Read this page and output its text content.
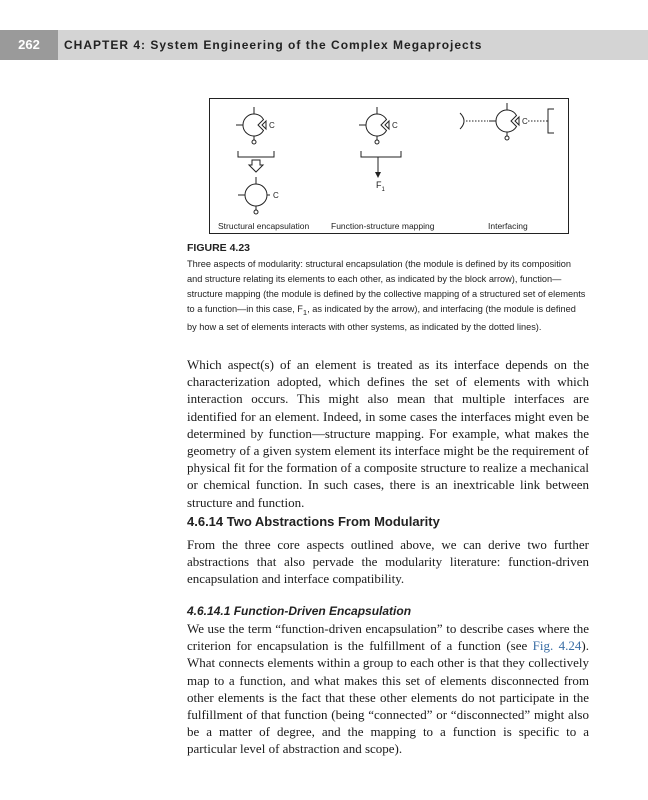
262	CHAPTER 4: System Engineering of the Complex Megaprojects
C
C
C	C
$F_1$
Structural encapsulation	Function-structure mapping	Interfacing
FIGURE 4.23
Three aspects of modularity: structural encapsulation (the module is defined by its composition and structure relating its elements to each other, as indicated by the block arrow), function—structure mapping (the module is defined by the collective mapping of a structured set of elements to a function—in this case, $F_1$, as indicated by the arrow), and interfacing (the module is defined by how a set of elements interacts with other systems, as indicated by the dotted lines).
Which aspect(s) of an element is treated as its interface depends on the characterization adopted, which defines the set of elements with which interaction occurs. This might also mean that multiple interfaces are identified for an element. Indeed, in some cases the interfaces might even be determined by function—structure mapping. For example, what makes the geometry of a given system element its interface might be the requirement of physical fit for the formation of a composite structure to realize a mechanical or chemical function. In such cases, there is an inextricable link between structure and function.
4.6.14 Two Abstractions From Modularity
From the three core aspects outlined above, we can derive two further abstractions that also pervade the modularity literature: function-driven encapsulation and interface compatibility.
4.6.14.1 Function-Driven Encapsulation
We use the term “function-driven encapsulation” to describe cases where the criterion for encapsulation is the fulfillment of a function (see Fig. 4.24). What connects elements within a group to each other is that they collectively map to a function, and what makes this set of elements disconnected from other elements is the fact that these other elements do not participate in the fulfillment of that function (being “connected” or “disconnected” might also be a matter of degree, and the mapping to a function is specific to a particular level of abstraction and scope).
